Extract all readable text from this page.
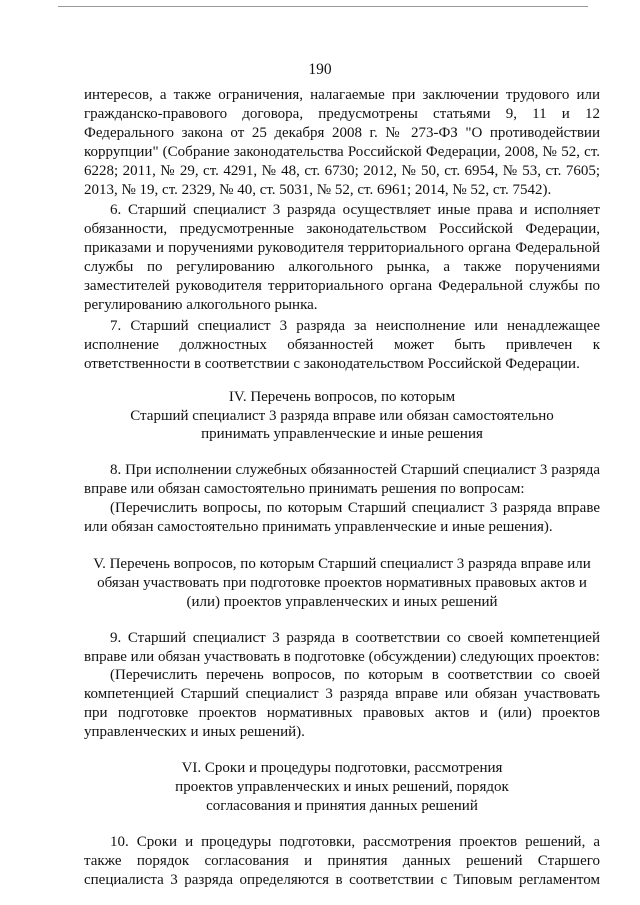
190

интересов, а также ограничения, налагаемые при заключении трудового или гражданско-правового договора, предусмотрены статьями 9, 11 и 12 Федерального закона от 25 декабря 2008 г. № 273-ФЗ "О противодействии коррупции" (Собрание законодательства Российской Федерации, 2008, № 52, ст. 6228; 2011, № 29, ст. 4291, № 48, ст. 6730; 2012, № 50, ст. 6954, № 53, ст. 7605; 2013, № 19, ст. 2329, № 40, ст. 5031, № 52, ст. 6961; 2014, № 52, ст. 7542).

6. Старший специалист 3 разряда осуществляет иные права и исполняет обязанности, предусмотренные законодательством Российской Федерации, приказами и поручениями руководителя территориального органа Федеральной службы по регулированию алкогольного рынка, а также поручениями заместителей руководителя территориального органа Федеральной службы по регулированию алкогольного рынка.

7. Старший специалист 3 разряда за неисполнение или ненадлежащее исполнение должностных обязанностей может быть привлечен к ответственности в соответствии с законодательством Российской Федерации.

IV. Перечень вопросов, по которым
Старший специалист 3 разряда вправе или обязан самостоятельно
принимать управленческие и иные решения

8. При исполнении служебных обязанностей Старший специалист 3 разряда вправе или обязан самостоятельно принимать решения по вопросам:

(Перечислить вопросы, по которым Старший специалист 3 разряда вправе или обязан самостоятельно принимать управленческие и иные решения).

V. Перечень вопросов, по которым Старший специалист 3 разряда вправе или
обязан участвовать при подготовке проектов нормативных правовых актов и
(или) проектов управленческих и иных решений

9. Старший специалист 3 разряда в соответствии со своей компетенцией вправе или обязан участвовать в подготовке (обсуждении) следующих проектов:

(Перечислить перечень вопросов, по которым в соответствии со своей компетенцией Старший специалист 3 разряда вправе или обязан участвовать при подготовке проектов нормативных правовых актов и (или) проектов управленческих и иных решений).

VI. Сроки и процедуры подготовки, рассмотрения
проектов управленческих и иных решений, порядок
согласования и принятия данных решений

10. Сроки и процедуры подготовки, рассмотрения проектов решений, а

также порядок согласования и принятия данных решений Старшего

специалиста 3 разряда определяются в соответствии с Типовым регламентом
